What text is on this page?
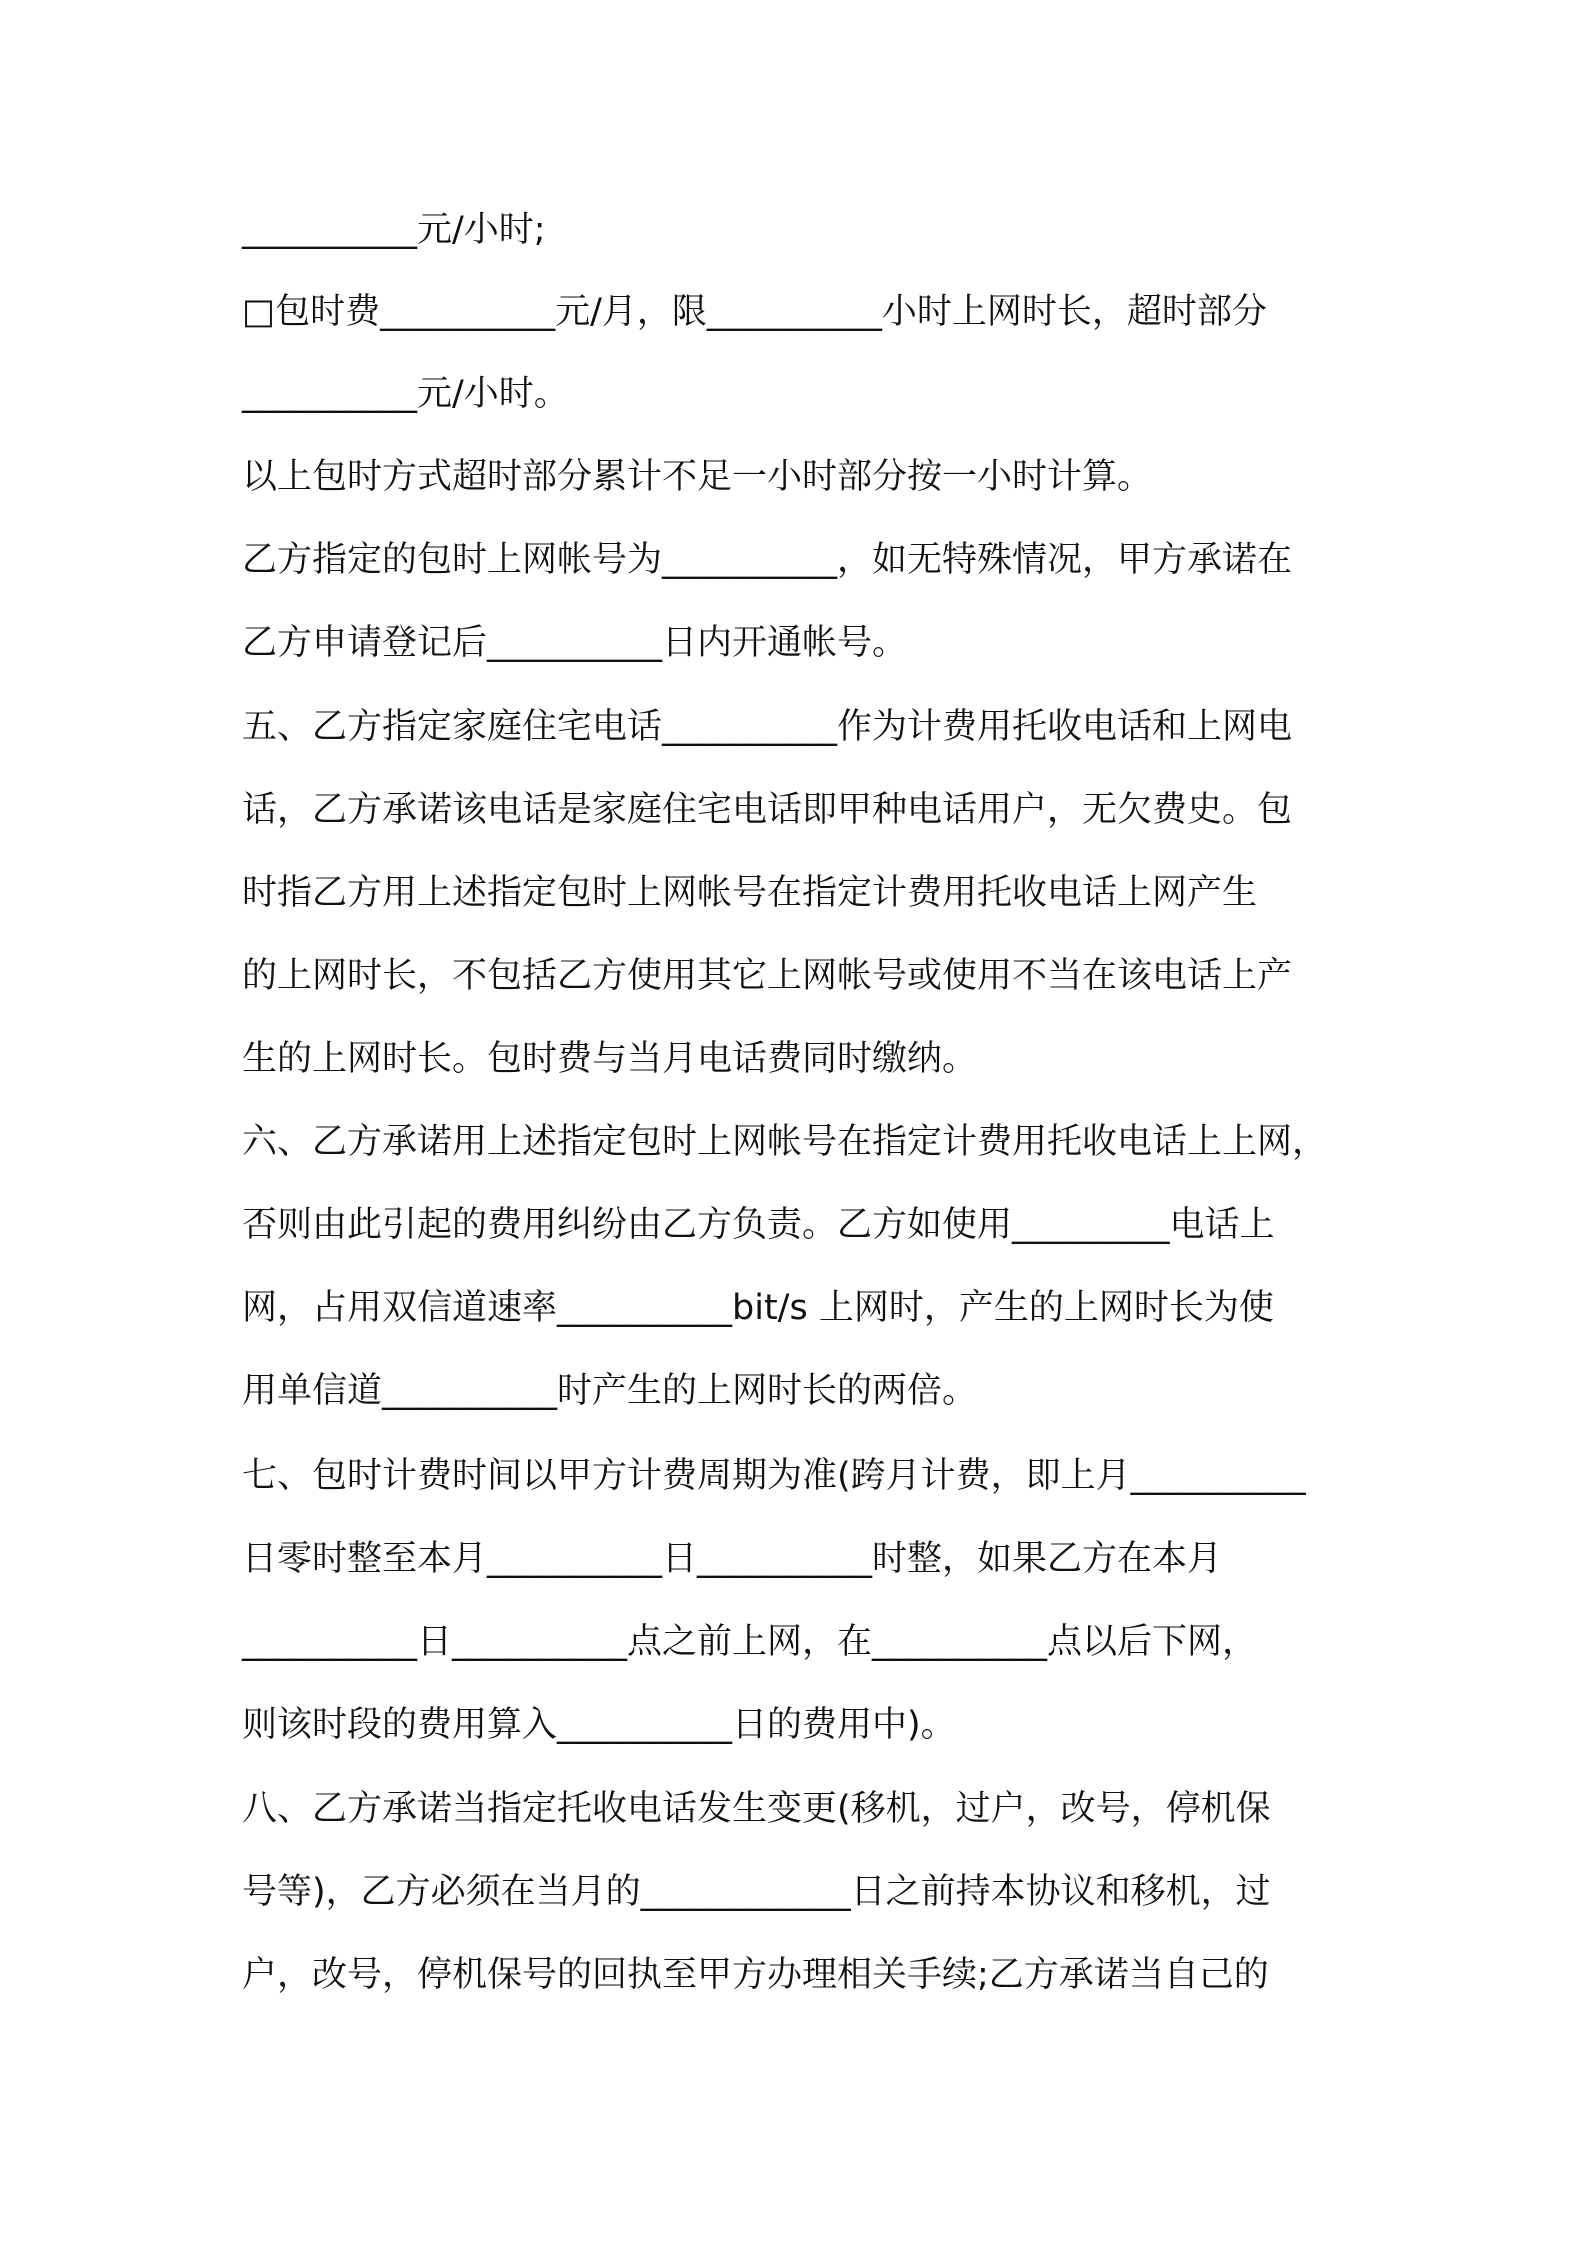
__________元/小时;
□包时费__________元/月，限__________小时上网时长，超时部分
__________元/小时。
以上包时方式超时部分累计不足一小时部分按一小时计算。
乙方指定的包时上网帐号为__________，如无特殊情况，甲方承诺在
乙方申请登记后__________日内开通帐号。
五、乙方指定家庭住宅电话__________作为计费用托收电话和上网电
话，乙方承诺该电话是家庭住宅电话即甲种电话用户，无欠费史。包
时指乙方用上述指定包时上网帐号在指定计费用托收电话上网产生
的上网时长，不包括乙方使用其它上网帐号或使用不当在该电话上产
生的上网时长。包时费与当月电话费同时缴纳。
六、乙方承诺用上述指定包时上网帐号在指定计费用托收电话上上网，
否则由此引起的费用纠纷由乙方负责。乙方如使用_________电话上
网，占用双信道速率__________bit/s 上网时，产生的上网时长为使
用单信道__________时产生的上网时长的两倍。
七、包时计费时间以甲方计费周期为准(跨月计费，即上月__________
日零时整至本月__________日__________时整，如果乙方在本月
__________日__________点之前上网，在__________点以后下网，
则该时段的费用算入__________日的费用中)。
八、乙方承诺当指定托收电话发生变更(移机，过户，改号，停机保
号等)，乙方必须在当月的____________日之前持本协议和移机，过
户，改号，停机保号的回执至甲方办理相关手续;乙方承诺当自己的
